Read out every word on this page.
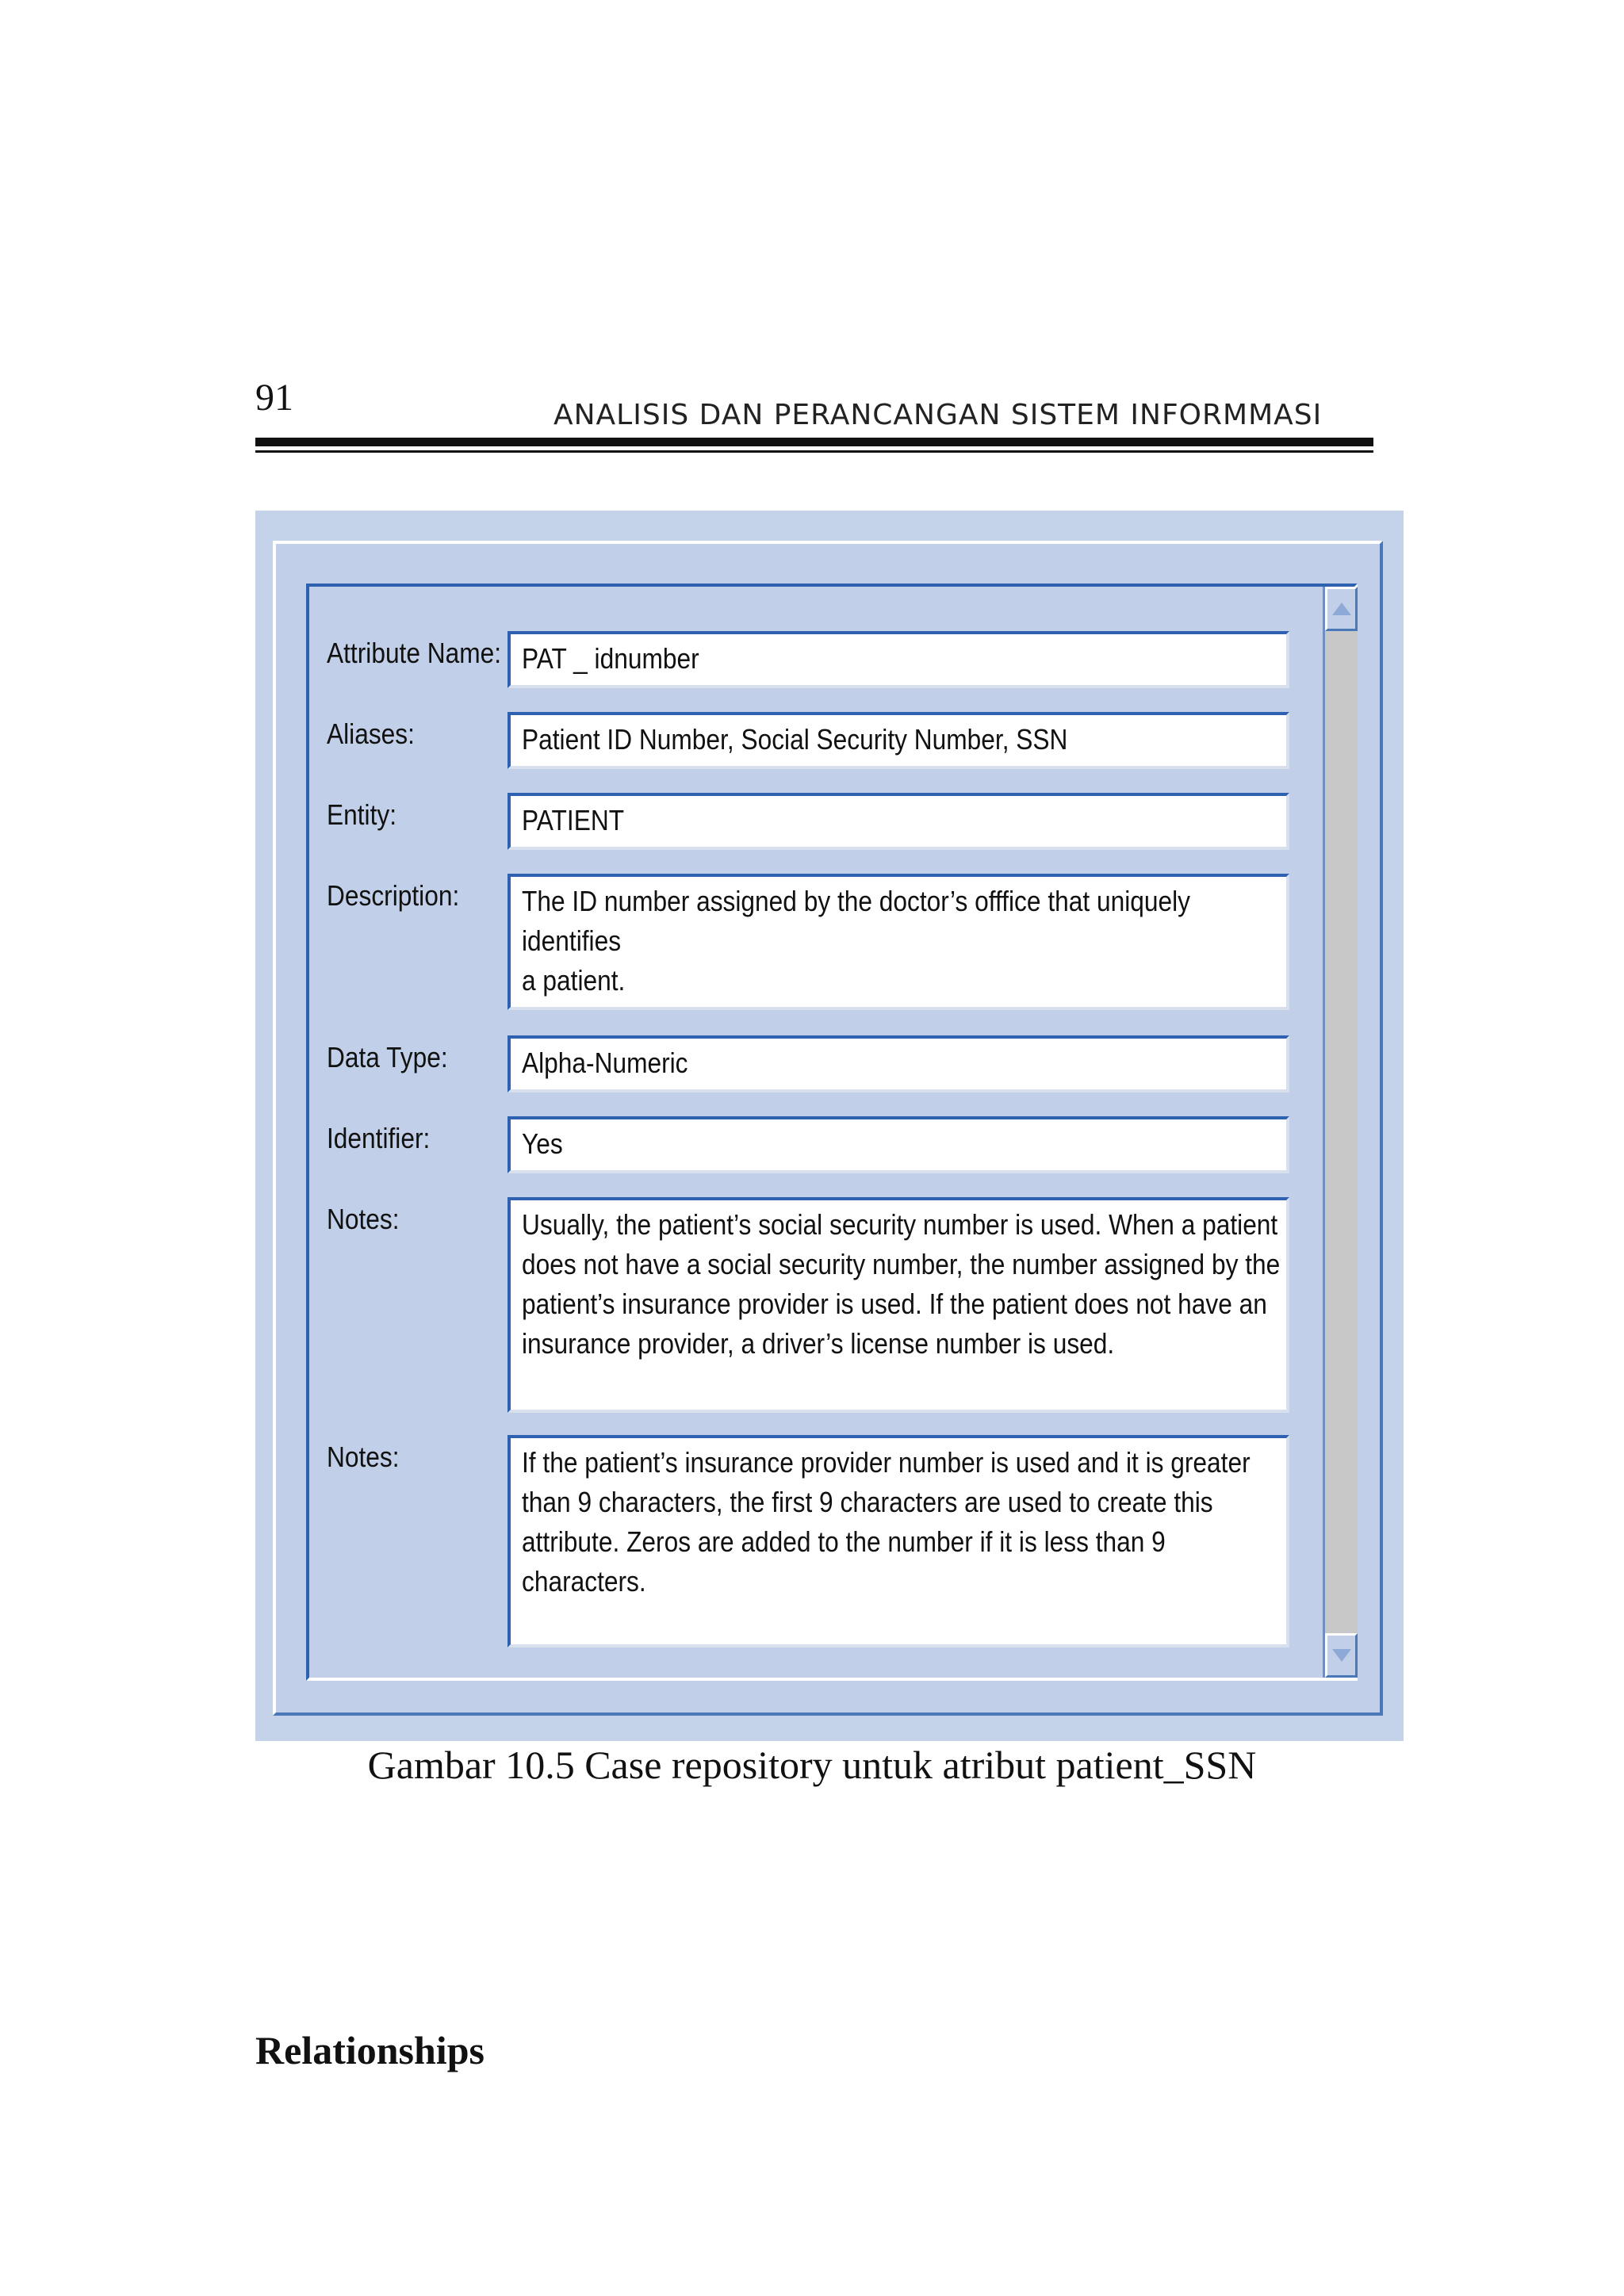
91	ANALISIS DAN PERANCANGAN SISTEM INFORMMASI
Attribute Name: PAT _ idnumber
Aliases:	Patient ID Number, Social Security Number, SSN
Entity:	PATIENT
Description: The ID number assigned by the doctor’s offfice that uniquely identifies
a patient.
Data Type:	Alpha-Numeric
Identifier:	Yes
Notes:	Usually, the patient’s social security number is used. When a patient
does not have a social security number, the number assigned by the
patient’s insurance provider is used. If the patient does not have an
insurance provider, a driver’s license number is used.
Notes:	If the patient’s insurance provider number is used and it is greater
than 9 characters, the first 9 characters are used to create this
attribute. Zeros are added to the number if it is less than 9
characters.
Gambar 10.5 Case repository untuk atribut patient_SSN
Relationships
